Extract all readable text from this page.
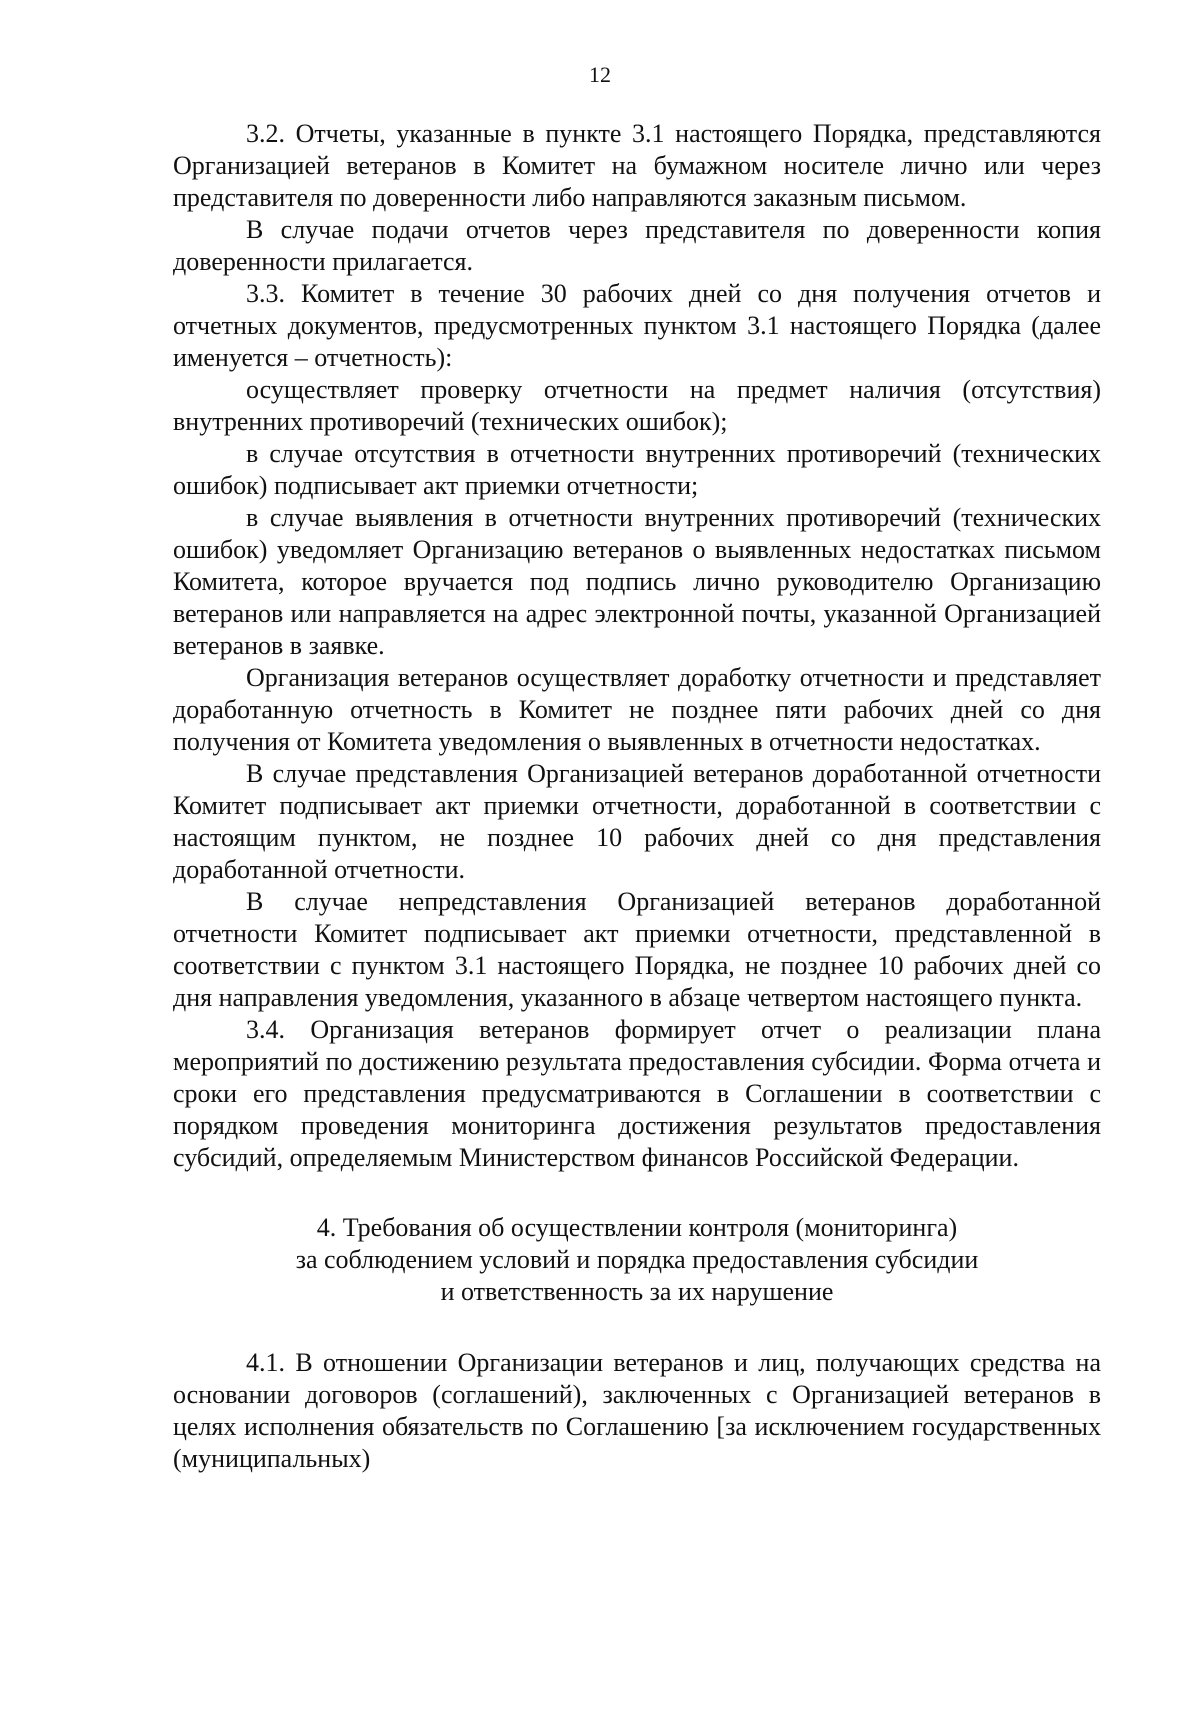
12

3.2. Отчеты, указанные в пункте 3.1 настоящего Порядка, представляются Организацией ветеранов в Комитет на бумажном носителе лично или через представителя по доверенности либо направляются заказным письмом.

В случае подачи отчетов через представителя по доверенности копия доверенности прилагается.

3.3. Комитет в течение 30 рабочих дней со дня получения отчетов и отчетных документов, предусмотренных пунктом 3.1 настоящего Порядка (далее именуется – отчетность):

осуществляет проверку отчетности на предмет наличия (отсутствия) внутренних противоречий (технических ошибок);

в случае отсутствия в отчетности внутренних противоречий (технических ошибок) подписывает акт приемки отчетности;

в случае выявления в отчетности внутренних противоречий (технических ошибок) уведомляет Организацию ветеранов о выявленных недостатках письмом Комитета, которое вручается под подпись лично руководителю Организацию ветеранов или направляется на адрес электронной почты, указанной Организацией ветеранов в заявке.

Организация ветеранов осуществляет доработку отчетности и представляет доработанную отчетность в Комитет не позднее пяти рабочих дней со дня получения от Комитета уведомления о выявленных в отчетности недостатках.

В случае представления Организацией ветеранов доработанной отчетности Комитет подписывает акт приемки отчетности, доработанной в соответствии с настоящим пунктом, не позднее 10 рабочих дней со дня представления доработанной отчетности.

В случае непредставления Организацией ветеранов доработанной отчетности Комитет подписывает акт приемки отчетности, представленной в соответствии с пунктом 3.1 настоящего Порядка, не позднее 10 рабочих дней со дня направления уведомления, указанного в абзаце четвертом настоящего пункта.

3.4. Организация ветеранов формирует отчет о реализации плана мероприятий по достижению результата предоставления субсидии. Форма отчета и сроки его представления предусматриваются в Соглашении в соответствии с порядком проведения мониторинга достижения результатов предоставления субсидий, определяемым Министерством финансов Российской Федерации.

4. Требования об осуществлении контроля (мониторинга)
за соблюдением условий и порядка предоставления субсидии
и ответственность за их нарушение

4.1. В отношении Организации ветеранов и лиц, получающих средства на основании договоров (соглашений), заключенных с Организацией ветеранов в целях исполнения обязательств по Соглашению [за исключением государственных (муниципальных)
